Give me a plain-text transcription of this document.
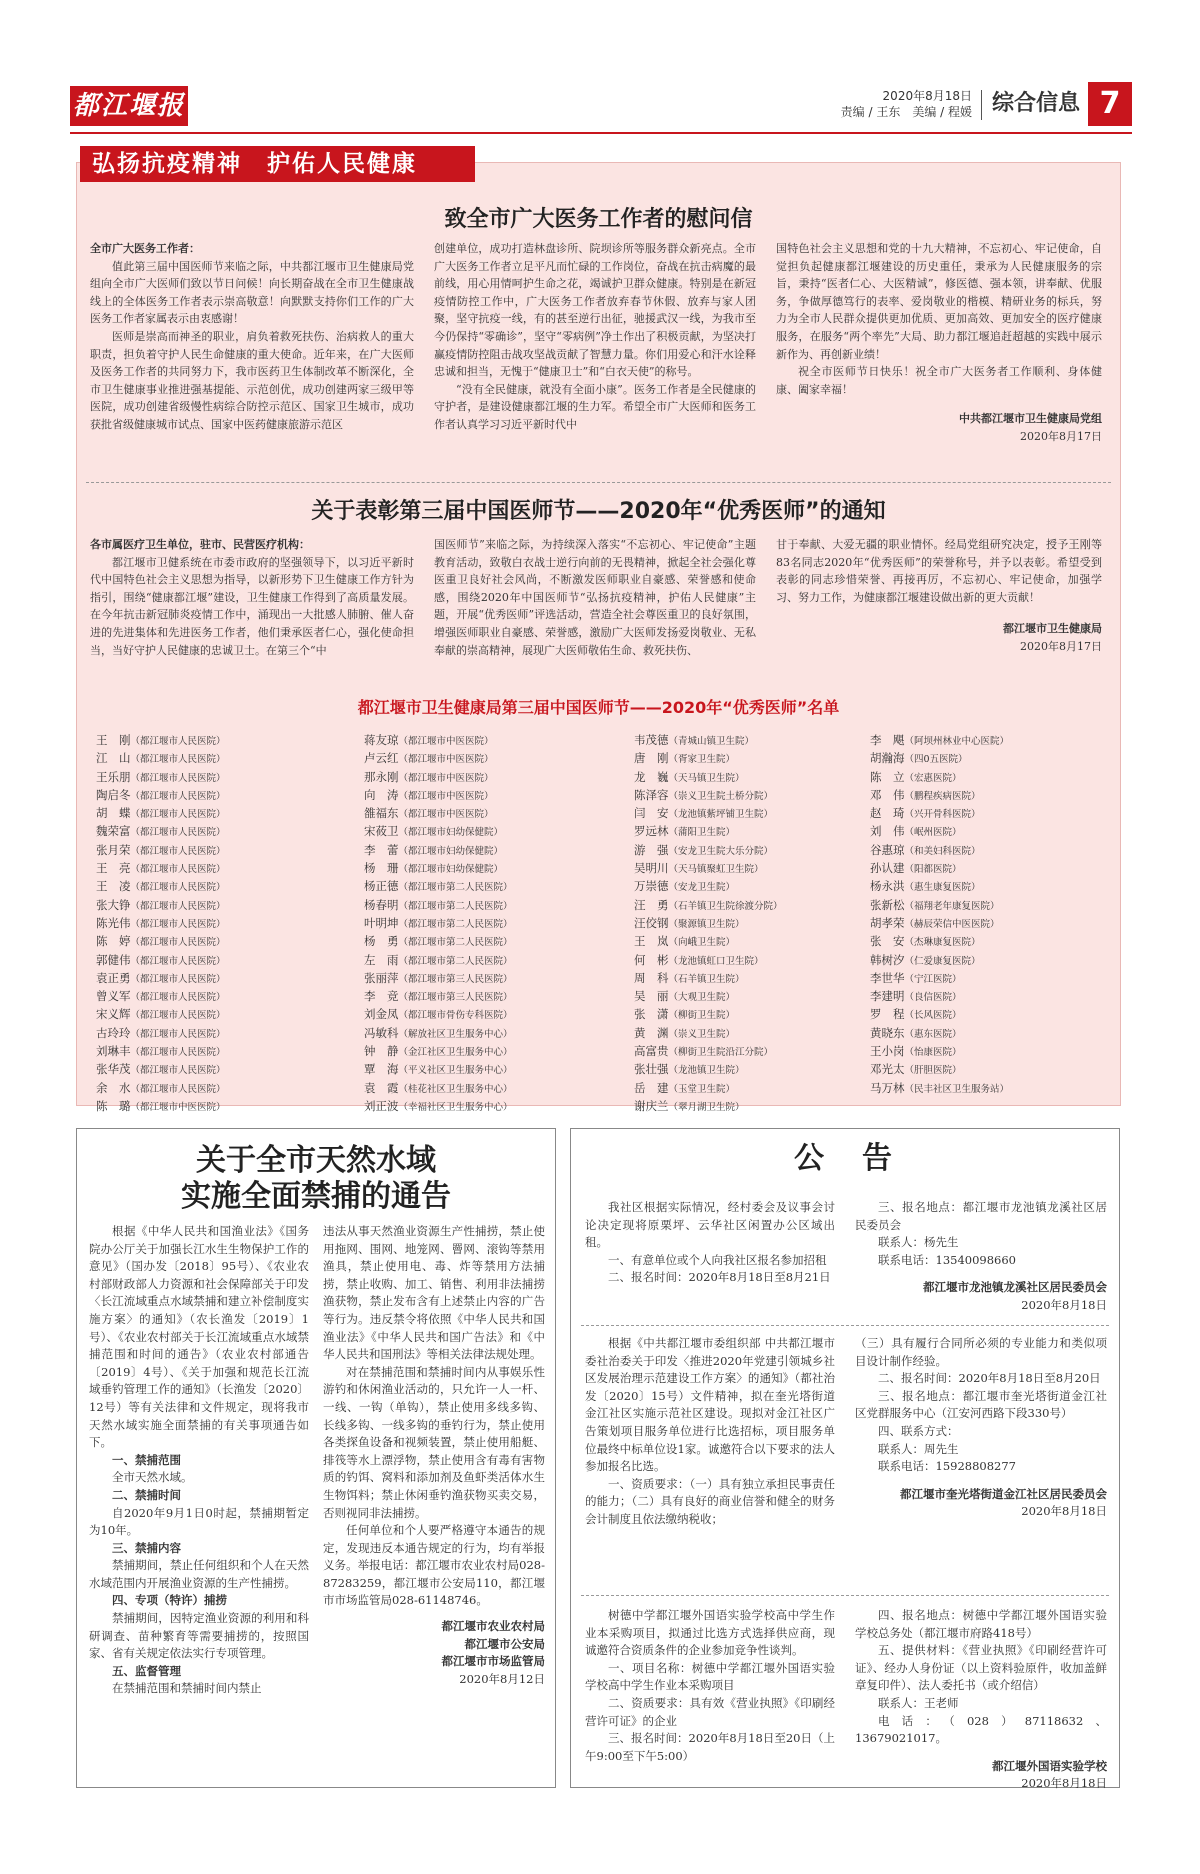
都江堰报	2020年8月18日
责编 / 王东　美编 / 程媛 综合信息 7
弘扬抗疫精神　护佑人民健康
致全市广大医务工作者的慰问信

全市广大医务工作者：

值此第三届中国医师节来临之际，中共都江堰市卫生健康局党组向全市广大医师们致以节日问候！向长期奋战在全市卫生健康战线上的全体医务工作者表示崇高敬意！向默默支持你们工作的广大医务工作者家属表示由衷感谢！

医师是崇高而神圣的职业，肩负着救死扶伤、治病救人的重大职责，担负着守护人民生命健康的重大使命。近年来，在广大医师及医务工作者的共同努力下，我市医药卫生体制改革不断深化，全市卫生健康事业推进强基提能、示范创优，成功创建两家三级甲等医院，成功创建省级慢性病综合防控示范区、国家卫生城市，成功获批省级健康城市试点、国家中医药健康旅游示范区

创建单位，成功打造林盘诊所、院坝诊所等服务群众新亮点。全市广大医务工作者立足平凡而忙碌的工作岗位，奋战在抗击病魔的最前线，用心用情呵护生命之花，竭诚护卫群众健康。特别是在新冠疫情防控工作中，广大医务工作者放弃春节休假、放弃与家人团聚，坚守抗疫一线，有的甚至逆行出征，驰援武汉一线，为我市至今仍保持“零确诊”，坚守“零病例”净土作出了积极贡献，为坚决打赢疫情防控阻击战攻坚战贡献了智慧力量。你们用爱心和汗水诠释忠诚和担当，无愧于“健康卫士”和“白衣天使”的称号。

“没有全民健康，就没有全面小康”。医务工作者是全民健康的守护者，是建设健康都江堰的生力军。希望全市广大医师和医务工作者认真学习习近平新时代中

国特色社会主义思想和党的十九大精神，不忘初心、牢记使命，自觉担负起健康都江堰建设的历史重任，秉承为人民健康服务的宗旨，秉持“医者仁心、大医精诚”，修医德、强本领，讲奉献、优服务，争做厚德笃行的表率、爱岗敬业的楷模、精研业务的标兵，努力为全市人民群众提供更加优质、更加高效、更加安全的医疗健康服务，在服务“两个率先”大局、助力都江堰追赶超越的实践中展示新作为、再创新业绩！

祝全市医师节日快乐！祝全市广大医务者工作顺利、身体健康、阖家幸福！

中共都江堰市卫生健康局党组

2020年8月17日

关于表彰第三届中国医师节——2020年“优秀医师”的通知

各市属医疗卫生单位，驻市、民营医疗机构：

都江堰市卫健系统在市委市政府的坚强领导下，以习近平新时代中国特色社会主义思想为指导，以新形势下卫生健康工作方针为指引，围绕“健康都江堰”建设，卫生健康工作得到了高质量发展。在今年抗击新冠肺炎疫情工作中，涌现出一大批感人肺腑、催人奋进的先进集体和先进医务工作者，他们秉承医者仁心，强化使命担当，当好守护人民健康的忠诚卫士。在第三个“中

国医师节”来临之际，为持续深入落实“不忘初心、牢记使命”主题教育活动，致敬白衣战士逆行向前的无畏精神，掀起全社会强化尊医重卫良好社会风尚，不断激发医师职业自豪感、荣誉感和使命感，围绕2020年中国医师节“弘扬抗疫精神，护佑人民健康”主题，开展“优秀医师”评选活动，营造全社会尊医重卫的良好氛围，增强医师职业自豪感、荣誉感，激励广大医师发扬爱岗敬业、无私奉献的崇高精神，展现广大医师敬佑生命、救死扶伤、

甘于奉献、大爱无疆的职业情怀。经局党组研究决定，授予王刚等83名同志2020年“优秀医师”的荣誉称号，并予以表彰。希望受到表彰的同志珍惜荣誉、再接再厉，不忘初心、牢记使命，加强学习、努力工作，为健康都江堰建设做出新的更大贡献！

都江堰市卫生健康局

2020年8月17日

都江堰市卫生健康局第三届中国医师节——2020年“优秀医师”名单
王　刚（都江堰市人民医院）
江　山（都江堰市人民医院）
王乐朋（都江堰市人民医院）
陶启冬（都江堰市人民医院）
胡　蝶（都江堰市人民医院）
魏荣富（都江堰市人民医院）
张月荣（都江堰市人民医院）
王　亮（都江堰市人民医院）
王　凌（都江堰市人民医院）
张大铮（都江堰市人民医院）
陈光伟（都江堰市人民医院）
陈　婷（都江堰市人民医院）
郭健伟（都江堰市人民医院）
袁正勇（都江堰市人民医院）
曾义军（都江堰市人民医院）
宋义辉（都江堰市人民医院）
古玲玲（都江堰市人民医院）
刘琳丰（都江堰市人民医院）
张华茂（都江堰市人民医院）
余　水（都江堰市人民医院）
陈　璐（都江堰市中医医院）
蒋友琼（都江堰市中医医院）
卢云红（都江堰市中医医院）
那永刚（都江堰市中医医院）
向　涛（都江堰市中医医院）
雒福东（都江堰市中医医院）
宋莜卫（都江堰市妇幼保健院）
李　蕾（都江堰市妇幼保健院）
杨　珊（都江堰市妇幼保健院）
杨正德（都江堰市第二人民医院）
杨春明（都江堰市第二人民医院）
叶明坤（都江堰市第二人民医院）
杨　勇（都江堰市第二人民医院）
左　雨（都江堰市第二人民医院）
张丽萍（都江堰市第三人民医院）
李　竞（都江堰市第三人民医院）
刘金凤（都江堰市骨伤专科医院）
冯敏科（解放社区卫生服务中心）
钟　静（金江社区卫生服务中心）
覃　海（平义社区卫生服务中心）
袁　霞（桂花社区卫生服务中心）
刘正波（幸福社区卫生服务中心）
韦茂德（青城山镇卫生院）
唐　刚（胥家卫生院）
龙　巍（天马镇卫生院）
陈泽容（崇义卫生院土桥分院）
闫　安（龙池镇紫坪铺卫生院）
罗远林（蒲阳卫生院）
游　强（安龙卫生院大乐分院）
吴明川（天马镇聚虹卫生院）
万崇德（安龙卫生院）
汪　勇（石羊镇卫生院徐渡分院）
汪佼钢（聚源镇卫生院）
王　岚（向峨卫生院）
何　彬（龙池镇虹口卫生院）
周　科（石羊镇卫生院）
吴　丽（大观卫生院）
张　潇（柳街卫生院）
黄　渊（崇义卫生院）
高富贵（柳街卫生院沿江分院）
张壮强（龙池镇卫生院）
岳　建（玉堂卫生院）
谢庆兰（翠月湖卫生院）
李　飓（阿坝州林业中心医院）
胡瀚海（四0五医院）
陈　立（宏惠医院）
邓　伟（鹏程疾病医院）
赵　琦（兴开骨科医院）
刘　伟（岷州医院）
谷惠琼（和美妇科医院）
孙认建（阳都医院）
杨永洪（惠生康复医院）
张新松（福翔老年康复医院）
胡孝荣（赫辰荣信中医医院）
张　安（杰琳康复医院）
韩树汐（仁爱康复医院）
李世华（宁江医院）
李建明（良信医院）
罗　程（长风医院）
黄晓东（惠东医院）
王小岗（怡康医院）
邓光太（肝胆医院）
马万林（民丰社区卫生服务站）
关于全市天然水域
实施全面禁捕的通告

根据《中华人民共和国渔业法》《国务院办公厅关于加强长江水生生物保护工作的意见》（国办发〔2018〕95号）、《农业农村部财政部人力资源和社会保障部关于印发〈长江流域重点水域禁捕和建立补偿制度实施方案〉的通知》（农长渔发〔2019〕1号）、《农业农村部关于长江流域重点水域禁捕范围和时间的通告》（农业农村部通告〔2019〕4号）、《关于加强和规范长江流域垂钓管理工作的通知》（长渔发〔2020〕12号）等有关法律和文件规定，现将我市天然水域实施全面禁捕的有关事项通告如下。

一、禁捕范围

全市天然水域。

二、禁捕时间

自2020年9月1日0时起，禁捕期暂定为10年。

三、禁捕内容

禁捕期间，禁止任何组织和个人在天然水域范围内开展渔业资源的生产性捕捞。

四、专项（特许）捕捞

禁捕期间，因特定渔业资源的利用和科研调查、苗种繁育等需要捕捞的，按照国家、省有关规定依法实行专项管理。

五、监督管理

在禁捕范围和禁捕时间内禁止

违法从事天然渔业资源生产性捕捞，禁止使用拖网、围网、地笼网、罾网、滚钩等禁用渔具，禁止使用电、毒、炸等禁用方法捕捞，禁止收购、加工、销售、利用非法捕捞渔获物，禁止发布含有上述禁止内容的广告等行为。违反禁令将依照《中华人民共和国渔业法》《中华人民共和国广告法》和《中华人民共和国刑法》等相关法律法规处理。

对在禁捕范围和禁捕时间内从事娱乐性游钓和休闲渔业活动的，只允许一人一杆、一线、一钩（单钩），禁止使用多线多钩、长线多钩、一线多钩的垂钓行为，禁止使用各类探鱼设备和视频装置，禁止使用船艇、排筏等水上漂浮物，禁止使用含有毒有害物质的钓饵、窝料和添加剂及鱼虾类活体水生生物饵料；禁止休闲垂钓渔获物买卖交易，否则视同非法捕捞。

任何单位和个人要严格遵守本通告的规定，发现违反本通告规定的行为，均有举报义务。举报电话：都江堰市农业农村局028-87283259，都江堰市公安局110，都江堰市市场监管局028-61148746。

都江堰市农业农村局

都江堰市公安局

都江堰市市场监管局

2020年8月12日

公　告

我社区根据实际情况，经村委会及议事会讨论决定现将原栗坪、云华社区闲置办公区域出租。

一、有意单位或个人向我社区报名参加招租

二、报名时间：2020年8月18日至8月21日

三、报名地点：都江堰市龙池镇龙溪社区居民委员会

联系人：杨先生

联系电话：13540098660

都江堰市龙池镇龙溪社区居民委员会

2020年8月18日

根据《中共都江堰市委组织部 中共都江堰市委社治委关于印发〈推进2020年党建引领城乡社区发展治理示范建设工作方案〉的通知》（都社治发〔2020〕15号）文件精神，拟在奎光塔街道金江社区实施示范社区建设。现拟对金江社区广告策划项目服务单位进行比选招标，项目服务单位最终中标单位设1家。诚邀符合以下要求的法人参加报名比选。

一、资质要求：（一）具有独立承担民事责任的能力；（二）具有良好的商业信誉和健全的财务会计制度且依法缴纳税收；

（三）具有履行合同所必须的专业能力和类似项目设计制作经验。

二、报名时间：2020年8月18日至8月20日

三、报名地点：都江堰市奎光塔街道金江社区党群服务中心（江安河西路下段330号）

四、联系方式：

联系人：周先生

联系电话：15928808277

都江堰市奎光塔街道金江社区居民委员会

2020年8月18日

树德中学都江堰外国语实验学校高中学生作业本采购项目，拟通过比选方式选择供应商，现诚邀符合资质条件的企业参加竞争性谈判。

一、项目名称：树德中学都江堰外国语实验学校高中学生作业本采购项目

二、资质要求：具有效《营业执照》《印刷经营许可证》的企业

三、报名时间：2020年8月18日至20日（上午9:00至下午5:00）

四、报名地点：树德中学都江堰外国语实验学校总务处（都江堰市府路418号）

五、提供材料：《营业执照》《印刷经营许可证》、经办人身份证（以上资料验原件，收加盖鲜章复印件）、法人委托书（或介绍信）

联系人：王老师

电话：（028）87118632、13679021017。

都江堰外国语实验学校

2020年8月18日
